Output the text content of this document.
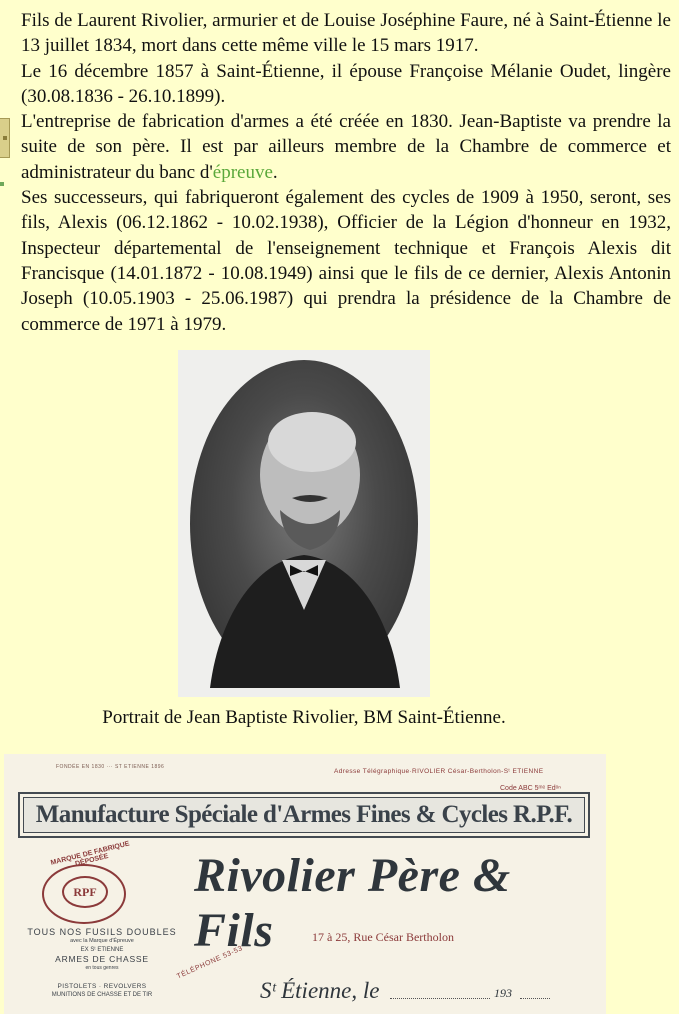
Fils de Laurent Rivolier, armurier et de Louise Joséphine Faure, né à Saint-Étienne le 13 juillet 1834, mort dans cette même ville le 15 mars 1917.

Le 16 décembre 1857 à Saint-Étienne, il épouse Françoise Mélanie Oudet, lingère (30.08.1836 - 26.10.1899).

L'entreprise de fabrication d'armes a été créée en 1830. Jean-Baptiste va prendre la suite de son père. Il est par ailleurs membre de la Chambre de commerce et administrateur du banc d'épreuve.

Ses successeurs, qui fabriqueront également des cycles de 1909 à 1950, seront, ses fils, Alexis (06.12.1862 - 10.02.1938), Officier de la Légion d'honneur en 1932, Inspecteur départemental de l'enseignement technique et François Alexis dit Francisque (14.01.1872 - 10.08.1949) ainsi que le fils de ce dernier, Alexis Antonin Joseph (10.05.1903 - 25.06.1987) qui prendra la présidence de la Chambre de commerce de 1971 à 1979.

Portrait de Jean Baptiste Rivolier, BM Saint-Étienne.
FONDÉE EN 1830 ··· ST ETIENNE 1896
Adresse Télégraphique·RIVOLIER César-Bertholon-Sᵗ ETIENNE
Code ABC 5ᵐᵉ Edᵒⁿ
Manufacture Spéciale d'Armes Fines & Cycles R.P.F.
MARQUE DE FABRIQUE DÉPOSÉE
RPF Rivolier Père & Fils	17 à 25, Rue César Bertholon
TOUS NOS FUSILS DOUBLES
avec la Marque d'Épreuve
EX Sᵗ ETIENNE
ARMES DE CHASSE
en tous genres
PISTOLETS · REVOLVERS
MUNITIONS DE CHASSE ET DE TIR
TÉLÉPHONE 53-53
Sᵗ Étienne, le	193
